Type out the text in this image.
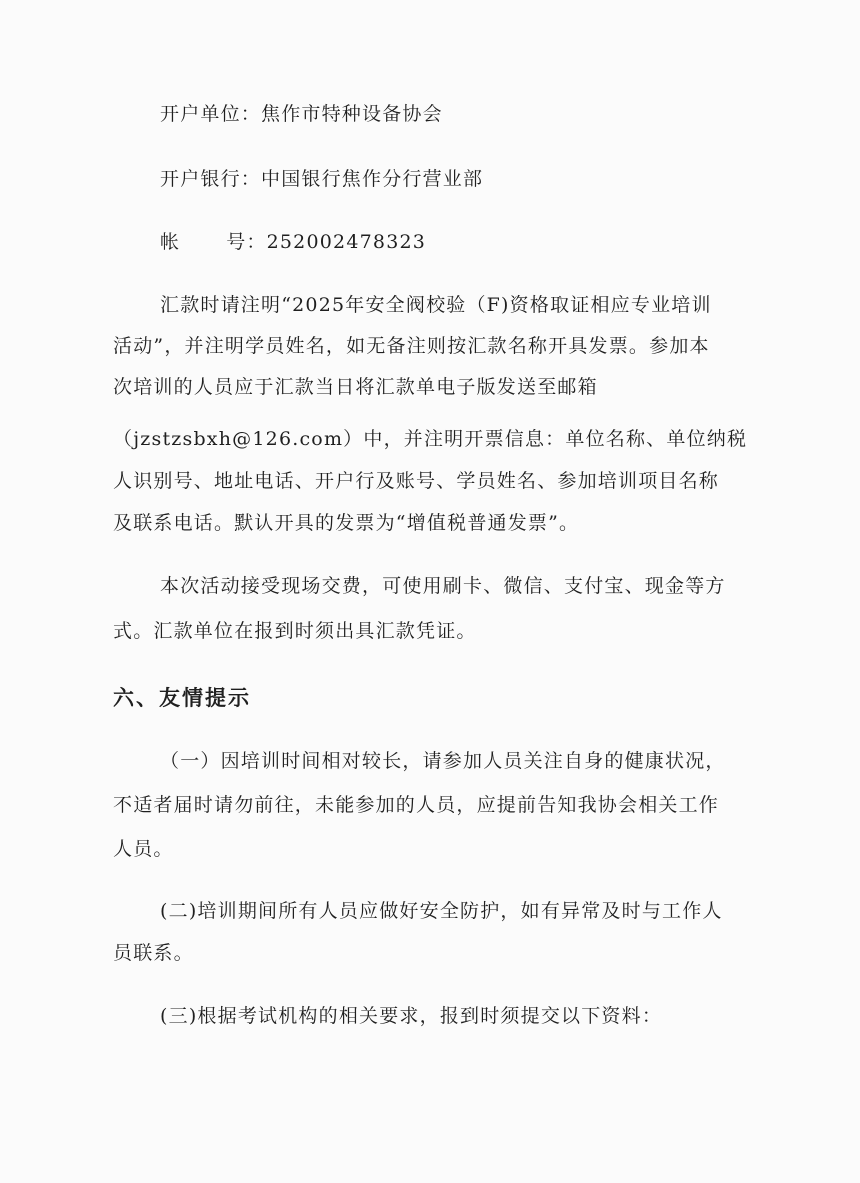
开户单位：焦作市特种设备协会
开户银行：中国银行焦作分行营业部
帐 号：252002478323
汇款时请注明“2025年安全阀校验（F)资格取证相应专业培训
活动”，并注明学员姓名，如无备注则按汇款名称开具发票。参加本
次培训的人员应于汇款当日将汇款单电子版发送至邮箱
（jzstzsbxh@126.com）中，并注明开票信息：单位名称、单位纳税
人识别号、地址电话、开户行及账号、学员姓名、参加培训项目名称
及联系电话。默认开具的发票为“增值税普通发票”。
本次活动接受现场交费，可使用刷卡、微信、支付宝、现金等方
式。汇款单位在报到时须出具汇款凭证。
六、友情提示
（一）因培训时间相对较长，请参加人员关注自身的健康状况，
不适者届时请勿前往，未能参加的人员，应提前告知我协会相关工作
人员。
(二)培训期间所有人员应做好安全防护，如有异常及时与工作人
员联系。
(三)根据考试机构的相关要求，报到时须提交以下资料：
